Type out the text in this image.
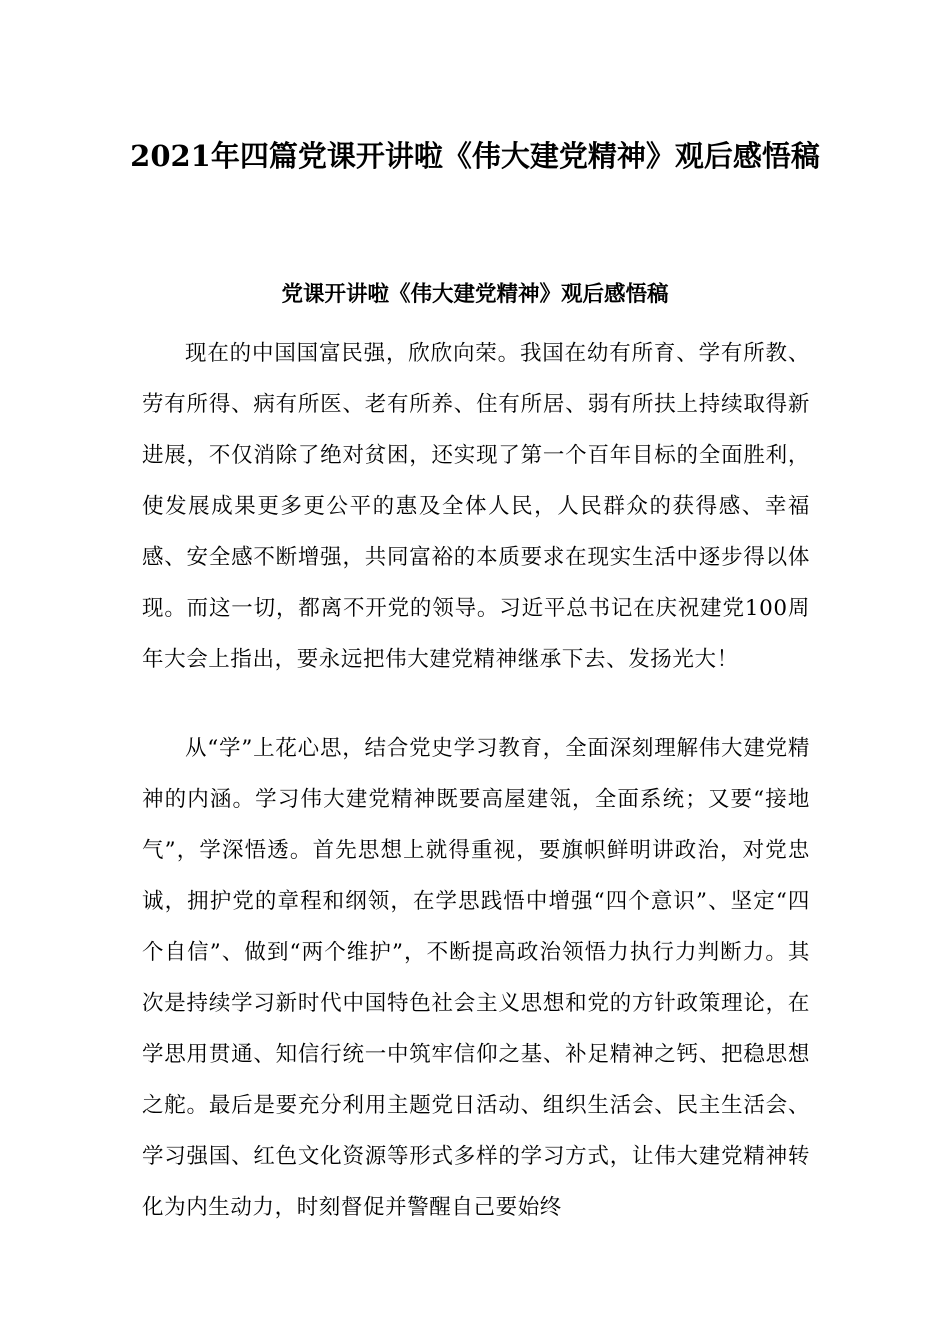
2021年四篇党课开讲啦《伟大建党精神》观后感悟稿
党课开讲啦《伟大建党精神》观后感悟稿

现在的中国国富民强，欣欣向荣。我国在幼有所育、学有所教、劳有所得、病有所医、老有所养、住有所居、弱有所扶上持续取得新进展，不仅消除了绝对贫困，还实现了第一个百年目标的全面胜利，使发展成果更多更公平的惠及全体人民，人民群众的获得感、幸福感、安全感不断增强，共同富裕的本质要求在现实生活中逐步得以体现。而这一切，都离不开党的领导。习近平总书记在庆祝建党100周年大会上指出，要永远把伟大建党精神继承下去、发扬光大！

从“学”上花心思，结合党史学习教育，全面深刻理解伟大建党精神的内涵。学习伟大建党精神既要高屋建瓴，全面系统；又要“接地气”，学深悟透。首先思想上就得重视，要旗帜鲜明讲政治，对党忠诚，拥护党的章程和纲领，在学思践悟中增强“四个意识”、坚定“四个自信”、做到“两个维护”，不断提高政治领悟力执行力判断力。其次是持续学习新时代中国特色社会主义思想和党的方针政策理论，在学思用贯通、知信行统一中筑牢信仰之基、补足精神之钙、把稳思想之舵。最后是要充分利用主题党日活动、组织生活会、民主生活会、学习强国、红色文化资源等形式多样的学习方式，让伟大建党精神转化为内生动力，时刻督促并警醒自己要始终
